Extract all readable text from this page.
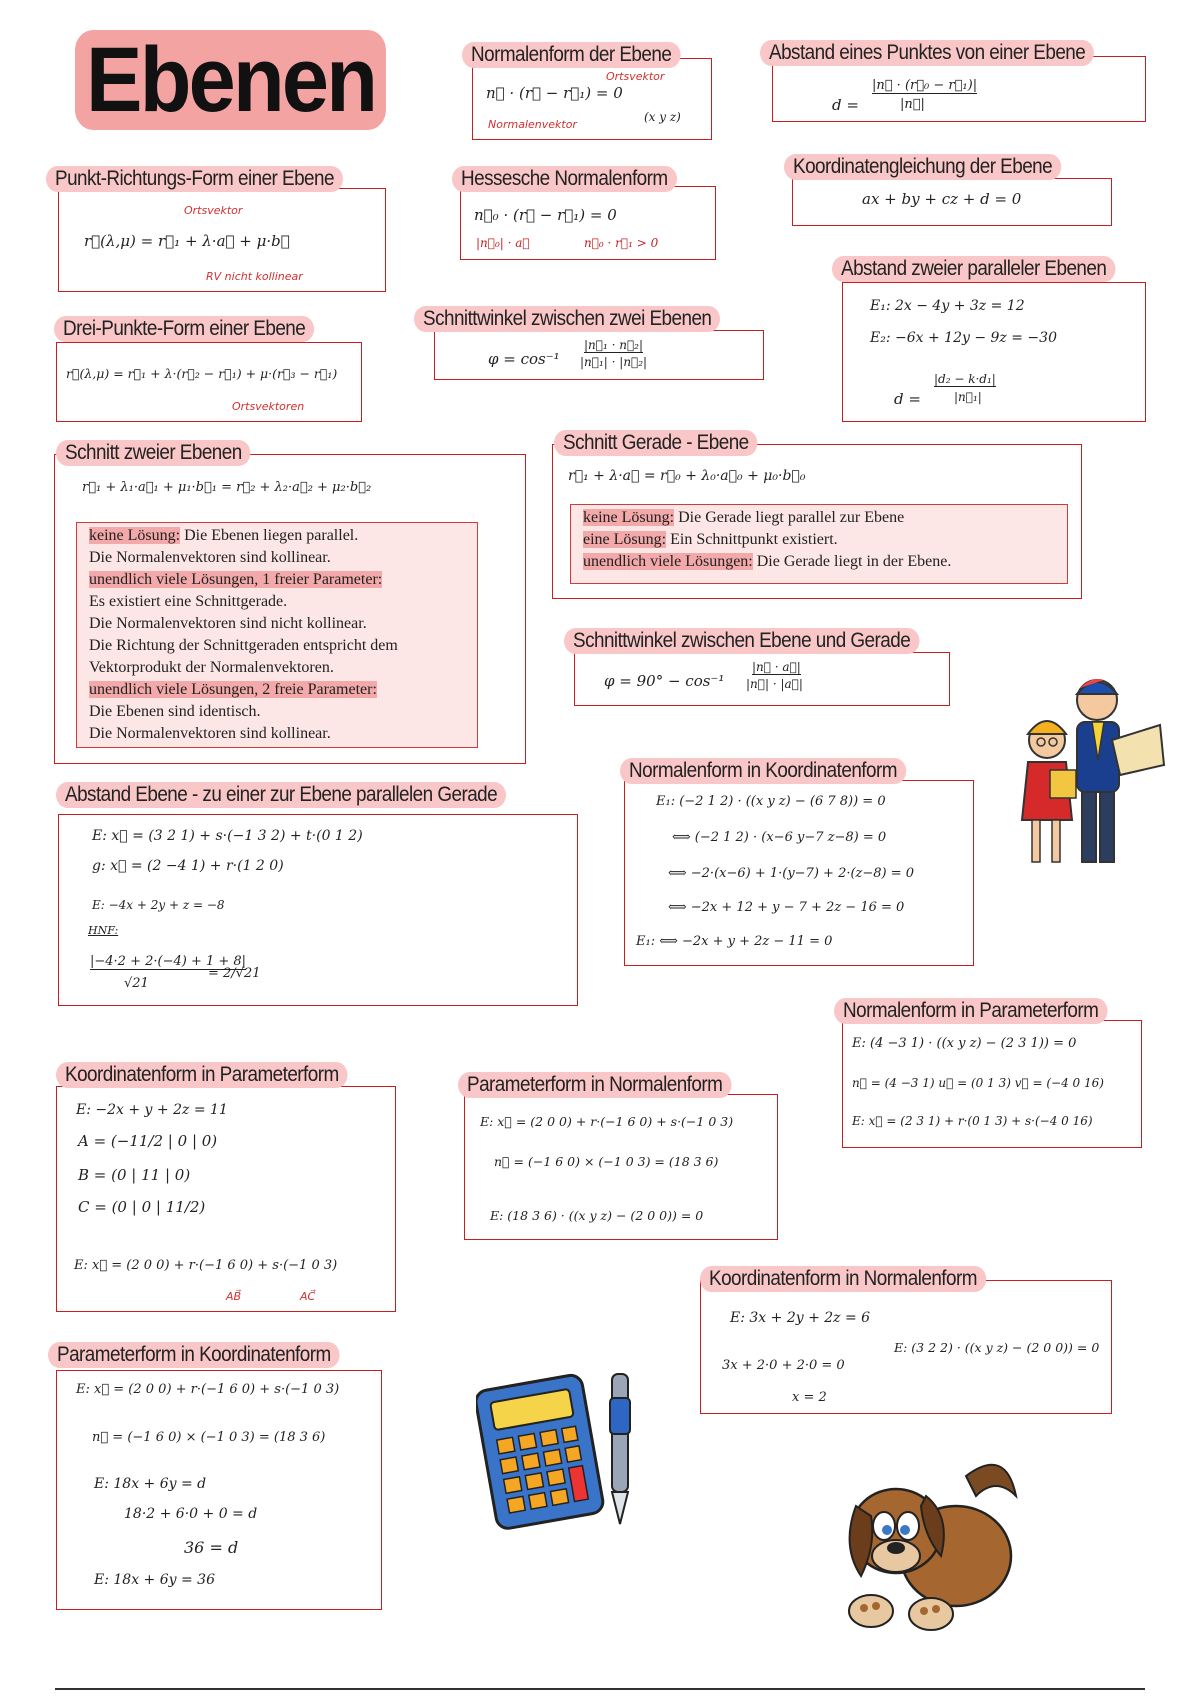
Ebenen	Normalenform der Ebene
Ortsvektor
n⃗ · (r⃗ − r⃗₁) = 0
(x y z)
Normalenvektor
Abstand eines Punktes von einer Ebene
d =
|n⃗ · (r⃗₀ − r⃗₁)|
|n⃗|
Punkt-Richtungs-Form einer Ebene
Ortsvektor
r⃗(λ,μ) = r⃗₁ + λ·a⃗ + μ·b⃗
RV nicht kollinear
Hessesche Normalenform
n⃗₀ · (r⃗ − r⃗₁) = 0
|n⃗₀| · a⃗	n⃗₀ · r⃗₁ > 0
Koordinatengleichung der Ebene
ax + by + cz + d = 0
Abstand zweier paralleler Ebenen
E₁: 2x − 4y + 3z = 12
E₂: −6x + 12y − 9z = −30
d =
|d₂ − k·d₁|
|n⃗₁|
Drei-Punkte-Form einer Ebene
r⃗(λ,μ) = r⃗₁ + λ·(r⃗₂ − r⃗₁) + μ·(r⃗₃ − r⃗₁)
Ortsvektoren
Schnittwinkel zwischen zwei Ebenen
φ = cos⁻¹
|n⃗₁ · n⃗₂|
|n⃗₁| · |n⃗₂|
Schnitt zweier Ebenen
r⃗₁ + λ₁·a⃗₁ + μ₁·b⃗₁ = r⃗₂ + λ₂·a⃗₂ + μ₂·b⃗₂
keine Lösung: Die Ebenen liegen parallel.
Die Normalenvektoren sind kollinear.
unendlich viele Lösungen, 1 freier Parameter:
Es existiert eine Schnittgerade.
Die Normalenvektoren sind nicht kollinear.
Die Richtung der Schnittgeraden entspricht dem
Vektorprodukt der Normalenvektoren.
unendlich viele Lösungen, 2 freie Parameter:
Die Ebenen sind identisch.
Die Normalenvektoren sind kollinear.
Schnitt Gerade - Ebene
r⃗₁ + λ·a⃗ = r⃗₀ + λ₀·a⃗₀ + μ₀·b⃗₀
keine Lösung: Die Gerade liegt parallel zur Ebene
eine Lösung: Ein Schnittpunkt existiert.
unendlich viele Lösungen: Die Gerade liegt in der Ebene.
Schnittwinkel zwischen Ebene und Gerade
φ = 90° − cos⁻¹
|n⃗ · a⃗|
|n⃗| · |a⃗|
Abstand Ebene - zu einer zur Ebene parallelen Gerade
E: x⃗ = (3 2 1) + s·(−1 3 2) + t·(0 1 2)
g: x⃗ = (2 −4 1) + r·(1 2 0)
E: −4x + 2y + z = −8
HNF:
|−4·2 + 2·(−4) + 1 + 8|
√21
= 2/√21
Normalenform in Koordinatenform
E₁: (−2 1 2) · ((x y z) − (6 7 8)) = 0
⟺ (−2 1 2) · (x−6 y−7 z−8) = 0
⟺ −2·(x−6) + 1·(y−7) + 2·(z−8) = 0
⟺ −2x + 12 + y − 7 + 2z − 16 = 0
E₁: ⟺ −2x + y + 2z − 11 = 0
Normalenform in Parameterform
E: (4 −3 1) · ((x y z) − (2 3 1)) = 0
n⃗ = (4 −3 1) u⃗ = (0 1 3) v⃗ = (−4 0 16)
E: x⃗ = (2 3 1) + r·(0 1 3) + s·(−4 0 16)
Koordinatenform in Parameterform
E: −2x + y + 2z = 11
A = (−11/2 | 0 | 0)
B = (0 | 11 | 0)
C = (0 | 0 | 11/2)
E: x⃗ = (2 0 0) + r·(−1 6 0) + s·(−1 0 3)
AB⃗	AC⃗
Parameterform in Normalenform
E: x⃗ = (2 0 0) + r·(−1 6 0) + s·(−1 0 3)
n⃗ = (−1 6 0) × (−1 0 3) = (18 3 6)
E: (18 3 6) · ((x y z) − (2 0 0)) = 0
Koordinatenform in Normalenform
E: 3x + 2y + 2z = 6
3x + 2·0 + 2·0 = 0
x = 2
E: (3 2 2) · ((x y z) − (2 0 0)) = 0
Parameterform in Koordinatenform
E: x⃗ = (2 0 0) + r·(−1 6 0) + s·(−1 0 3)
n⃗ = (−1 6 0) × (−1 0 3) = (18 3 6)
E: 18x + 6y = d
18·2 + 6·0 + 0 = d
36 = d
E: 18x + 6y = 36
